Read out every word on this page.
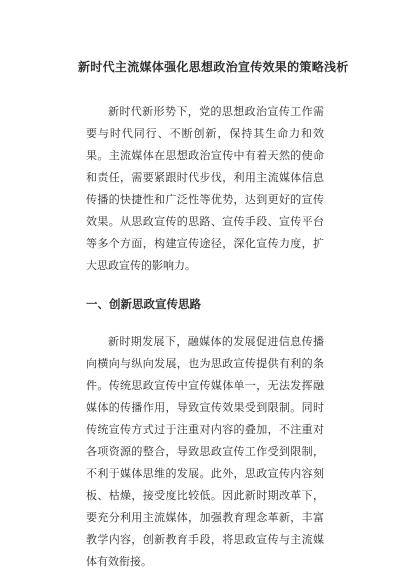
新时代主流媒体强化思想政治宣传效果的策略浅析

新时代新形势下，党的思想政治宣传工作需要与时代同行、不断创新，保持其生命力和效果。主流媒体在思想政治宣传中有着天然的使命和责任，需要紧跟时代步伐，利用主流媒体信息传播的快捷性和广泛性等优势，达到更好的宣传效果。从思政宣传的思路、宣传手段、宣传平台等多个方面，构建宣传途径，深化宣传力度，扩大思政宣传的影响力。

一、创新思政宣传思路

新时期发展下，融媒体的发展促进信息传播向横向与纵向发展，也为思政宣传提供有利的条件。传统思政宣传中宣传媒体单一，无法发挥融媒体的传播作用，导致宣传效果受到限制。同时传统宣传方式过于注重对内容的叠加，不注重对各项资源的整合，导致思政宣传工作受到限制，不利于媒体思维的发展。此外，思政宣传内容刻板、枯燥，接受度比较低。因此新时期改革下，要充分利用主流媒体，加强教育理念革新，丰富教学内容，创新教育手段，将思政宣传与主流媒体有效衔接。
